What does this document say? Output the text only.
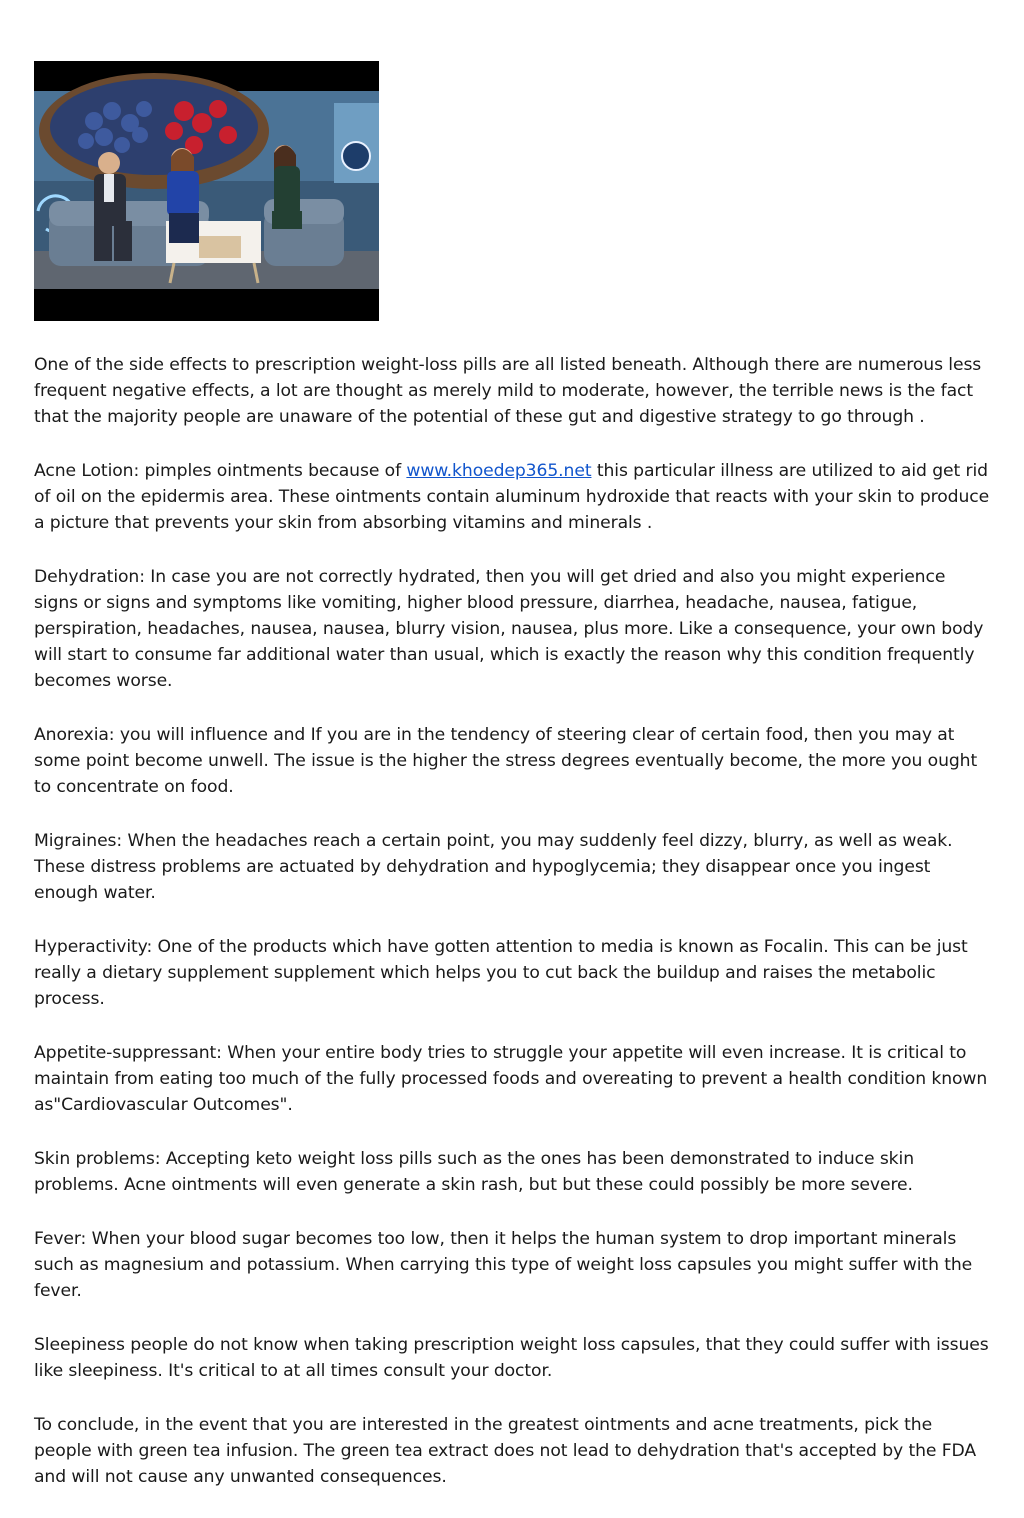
One of the side effects to prescription weight-loss pills are all listed beneath. Although there are numerous less frequent negative effects, a lot are thought as merely mild to moderate, however, the terrible news is the fact that the majority people are unaware of the potential of these gut and digestive strategy to go through .

Acne Lotion: pimples ointments because of www.khoedep365.net this particular illness are utilized to aid get rid of oil on the epidermis area. These ointments contain aluminum hydroxide that reacts with your skin to produce a picture that prevents your skin from absorbing vitamins and minerals .

Dehydration: In case you are not correctly hydrated, then you will get dried and also you might experience signs or signs and symptoms like vomiting, higher blood pressure, diarrhea, headache, nausea, fatigue, perspiration, headaches, nausea, nausea, blurry vision, nausea, plus more. Like a consequence, your own body will start to consume far additional water than usual, which is exactly the reason why this condition frequently becomes worse.

Anorexia: you will influence and If you are in the tendency of steering clear of certain food, then you may at some point become unwell. The issue is the higher the stress degrees eventually become, the more you ought to concentrate on food.

Migraines: When the headaches reach a certain point, you may suddenly feel dizzy, blurry, as well as weak. These distress problems are actuated by dehydration and hypoglycemia; they disappear once you ingest enough water.

Hyperactivity: One of the products which have gotten attention to media is known as Focalin. This can be just really a dietary supplement supplement which helps you to cut back the buildup and raises the metabolic process.

Appetite-suppressant: When your entire body tries to struggle your appetite will even increase. It is critical to maintain from eating too much of the fully processed foods and overeating to prevent a health condition known as"Cardiovascular Outcomes".

Skin problems: Accepting keto weight loss pills such as the ones has been demonstrated to induce skin problems. Acne ointments will even generate a skin rash, but but these could possibly be more severe.

Fever: When your blood sugar becomes too low, then it helps the human system to drop important minerals such as magnesium and potassium. When carrying this type of weight loss capsules you might suffer with the fever.

Sleepiness people do not know when taking prescription weight loss capsules, that they could suffer with issues like sleepiness. It's critical to at all times consult your doctor.

To conclude, in the event that you are interested in the greatest ointments and acne treatments, pick the people with green tea infusion. The green tea extract does not lead to dehydration that's accepted by the FDA and will not cause any unwanted consequences.
